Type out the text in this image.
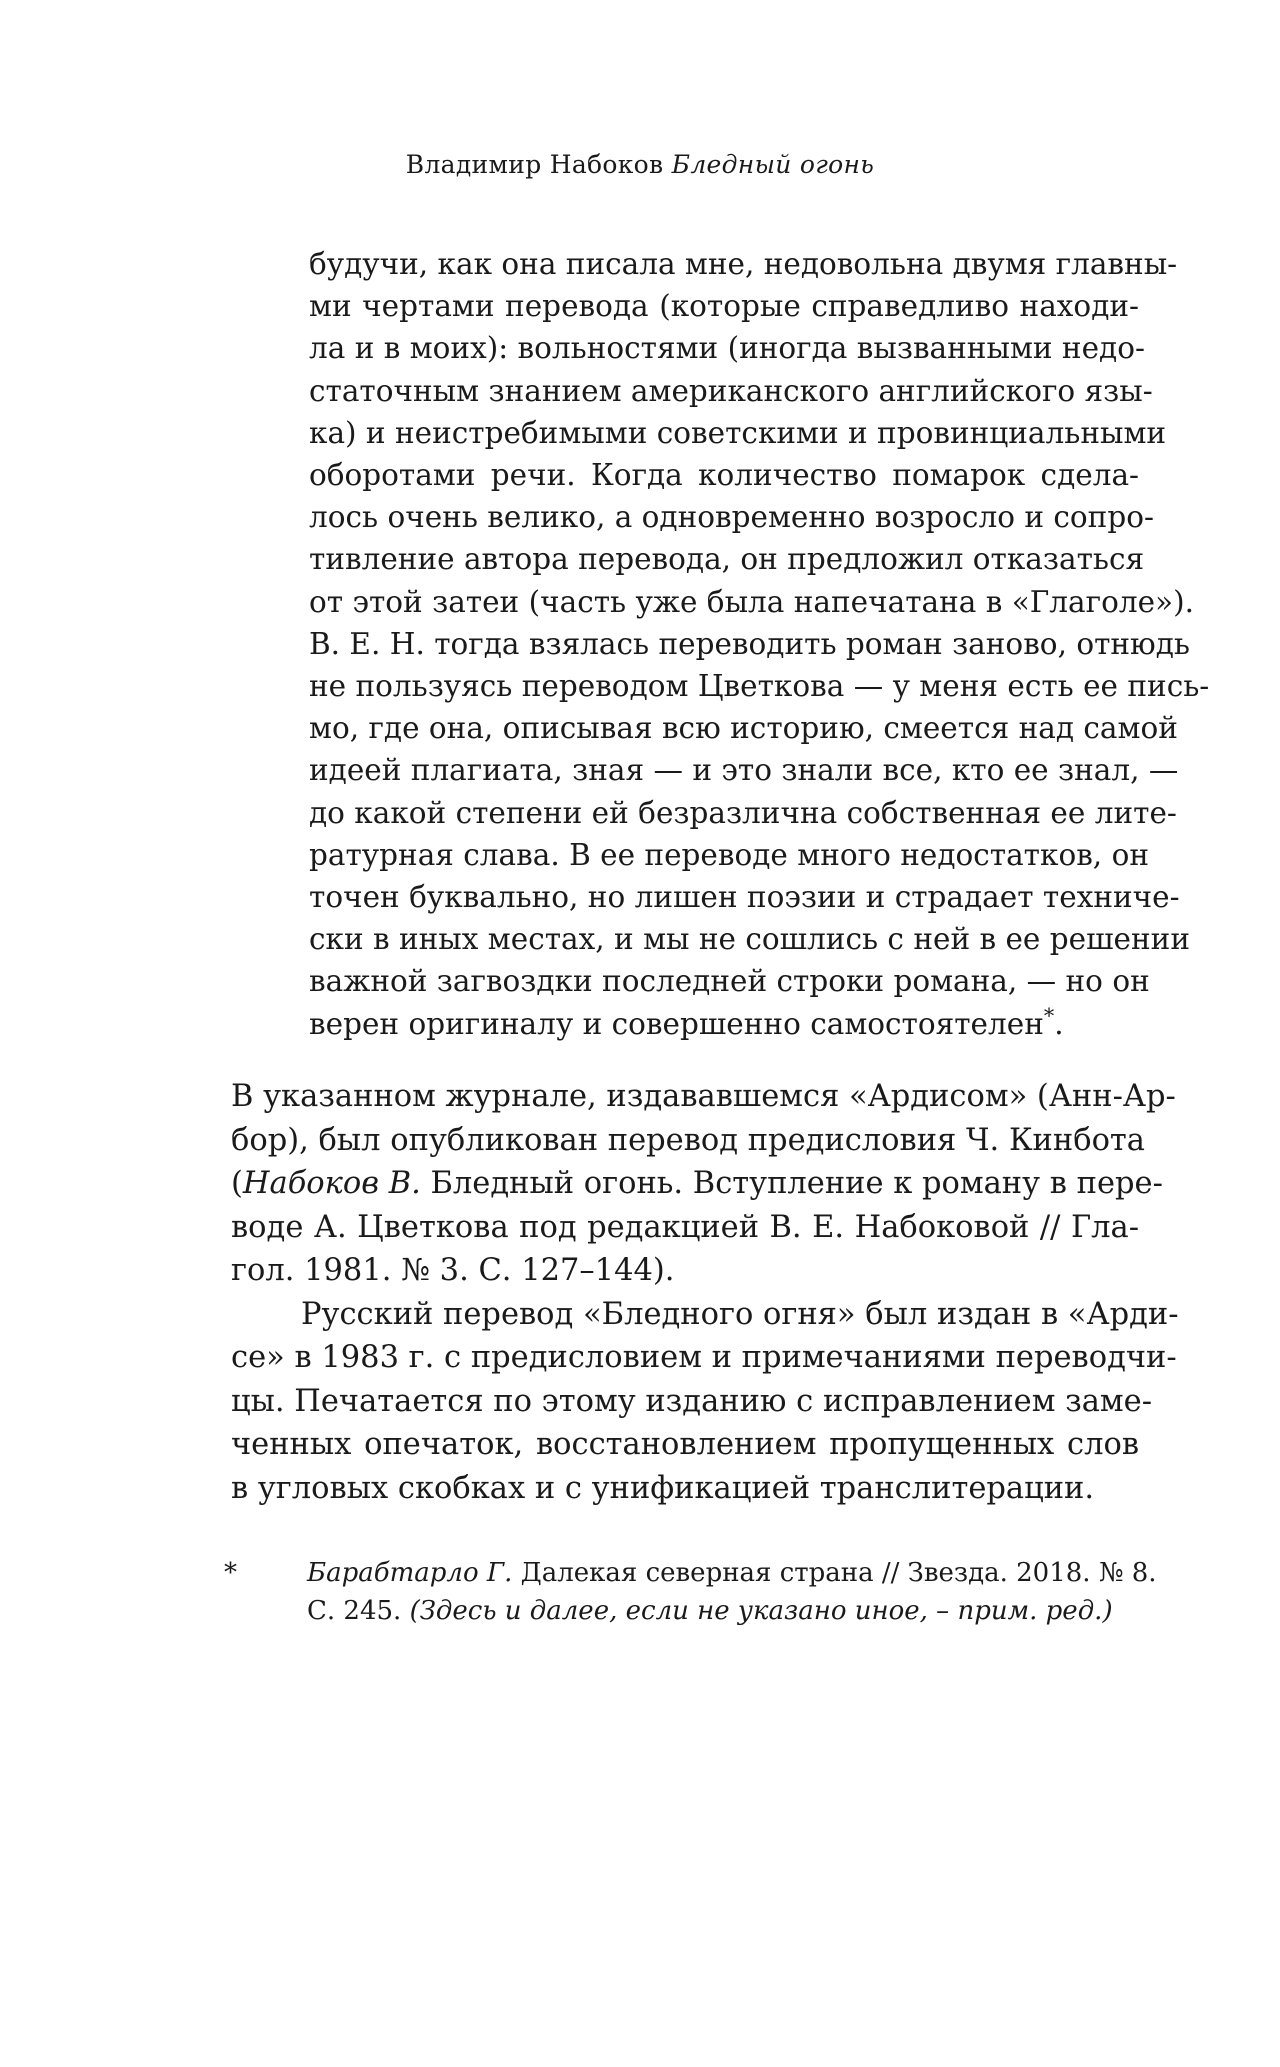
Владимир Набоков Бледный огонь
будучи, как она писала мне, недовольна двумя главны-
ми чертами перевода (которые справедливо находи-
ла и в моих): вольностями (иногда вызванными недо-
статочным знанием американского английского язы-
ка) и неистребимыми советскими и провинциальными
оборотами речи. Когда количество помарок сдела-
лось очень велико, а одновременно возросло и сопро-
тивление автора перевода, он предложил отказаться
от этой затеи (часть уже была напечатана в «Глаголе»).
В. Е. Н. тогда взялась переводить роман заново, отнюдь
не пользуясь переводом Цветкова — у меня есть ее пись-
мо, где она, описывая всю историю, смеется над самой
идеей плагиата, зная — и это знали все, кто ее знал, —
до какой степени ей безразлична собственная ее лите-
ратурная слава. В ее переводе много недостатков, он
точен буквально, но лишен поэзии и страдает техниче-
ски в иных местах, и мы не сошлись с ней в ее решении
важной загвоздки последней строки романа, — но он
верен оригиналу и совершенно самостоятелен*.
В указанном журнале, издававшемся «Ардисом» (Анн-Ар-
бор), был опубликован перевод предисловия Ч. Кинбота
(Набоков В. Бледный огонь. Вступление к роману в пере-
воде А. Цветкова под редакцией В. Е. Набоковой // Гла-
гол. 1981. № 3. С. 127–144).
Русский перевод «Бледного огня» был издан в «Арди-
се» в 1983 г. с предисловием и примечаниями переводчи-
цы. Печатается по этому изданию с исправлением заме-
ченных опечаток, восстановлением пропущенных слов
в угловых скобках и с унификацией транслитерации.
*	Барабтарло Г. Далекая северная страна // Звезда. 2018. № 8.
С. 245. (Здесь и далее, если не указано иное, – прим. ред.)
